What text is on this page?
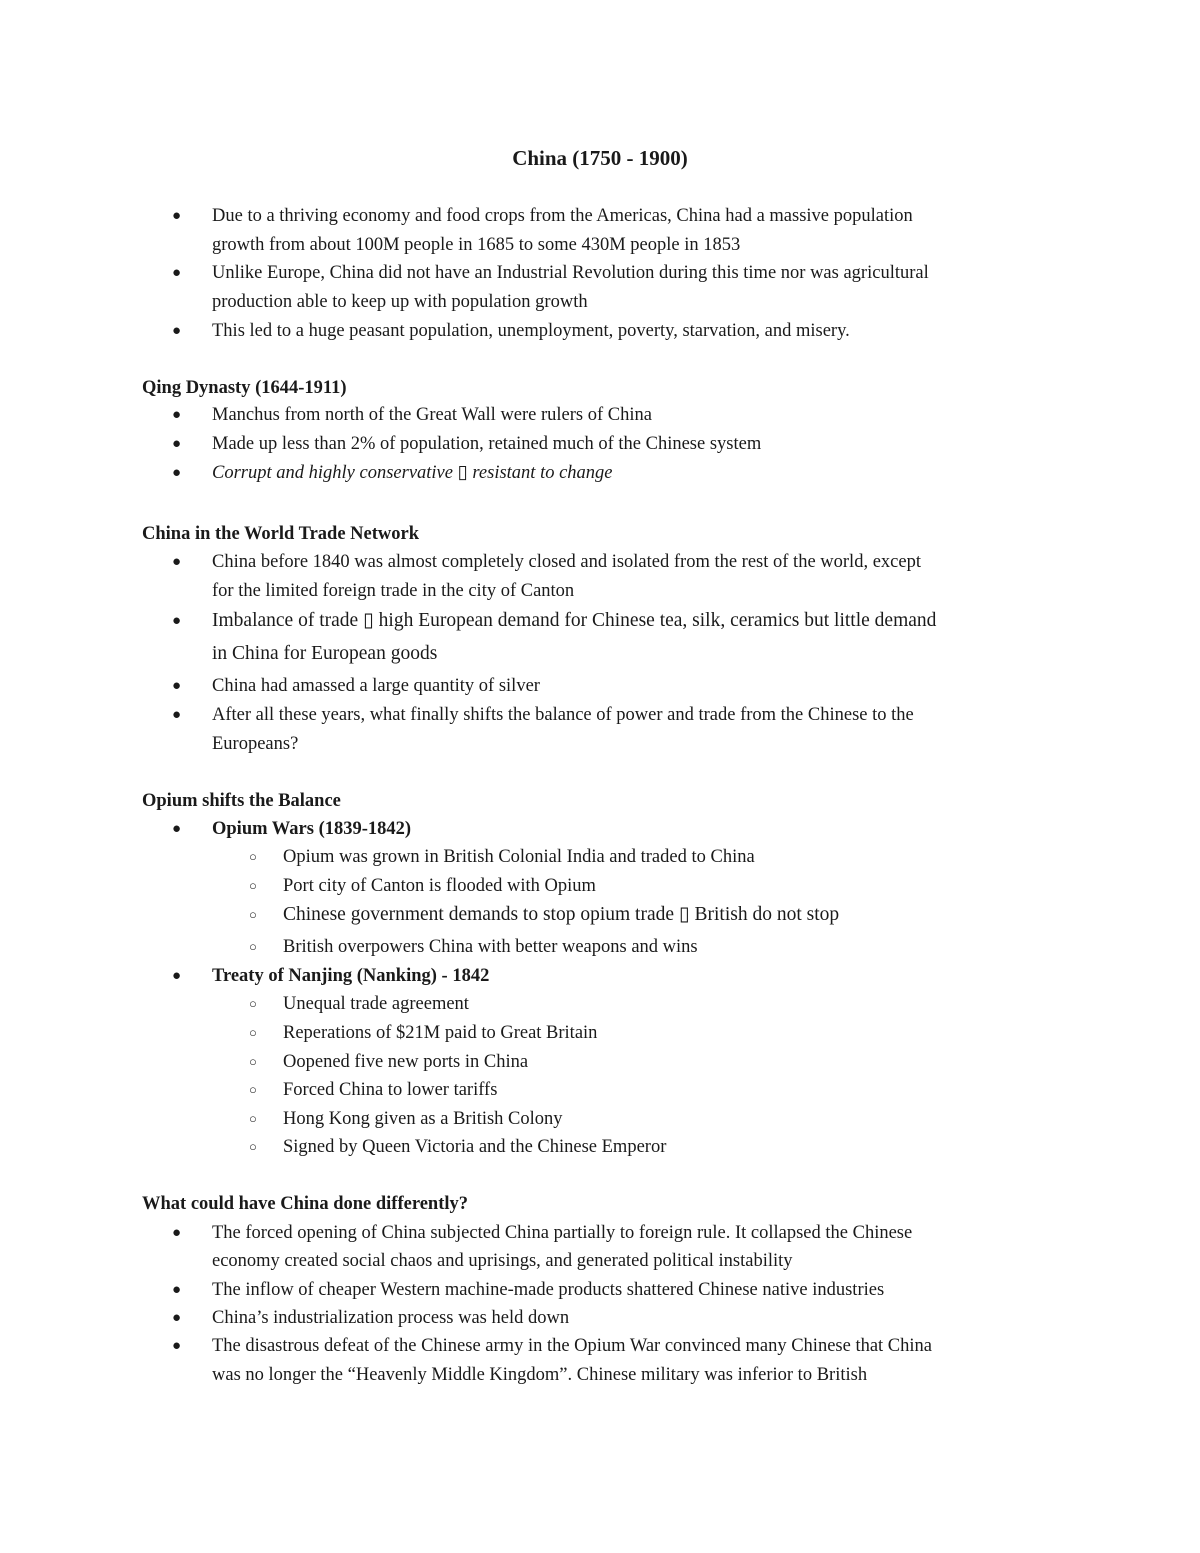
China (1750 - 1900)
●	Due to a thriving economy and food crops from the Americas, China had a massive population
growth from about 100M people in 1685 to some 430M people in 1853
●	Unlike Europe, China did not have an Industrial Revolution during this time nor was agricultural
production able to keep up with population growth
●	This led to a huge peasant population, unemployment, poverty, starvation, and misery.
Qing Dynasty (1644-1911)
●	Manchus from north of the Great Wall were rulers of China
●	Made up less than 2% of population, retained much of the Chinese system
●	Corrupt and highly conservative ▯ resistant to change
China in the World Trade Network
●	China before 1840 was almost completely closed and isolated from the rest of the world, except
for the limited foreign trade in the city of Canton
●	Imbalance of trade ▯ high European demand for Chinese tea, silk, ceramics but little demand
in China for European goods
●	China had amassed a large quantity of silver
●	After all these years, what finally shifts the balance of power and trade from the Chinese to the
Europeans?
Opium shifts the Balance
●	Opium Wars (1839-1842)
○ Opium was grown in British Colonial India and traded to China
○ Port city of Canton is flooded with Opium
○ Chinese government demands to stop opium trade ▯ British do not stop
○ British overpowers China with better weapons and wins
●	Treaty of Nanjing (Nanking) - 1842
○ Unequal trade agreement
○ Reperations of $21M paid to Great Britain
○ Oopened five new ports in China
○ Forced China to lower tariffs
○ Hong Kong given as a British Colony
○ Signed by Queen Victoria and the Chinese Emperor
What could have China done differently?
●	The forced opening of China subjected China partially to foreign rule. It collapsed the Chinese
economy created social chaos and uprisings, and generated political instability
●	The inflow of cheaper Western machine-made products shattered Chinese native industries
●	China’s industrialization process was held down
●	The disastrous defeat of the Chinese army in the Opium War convinced many Chinese that China
was no longer the “Heavenly Middle Kingdom”. Chinese military was inferior to British
